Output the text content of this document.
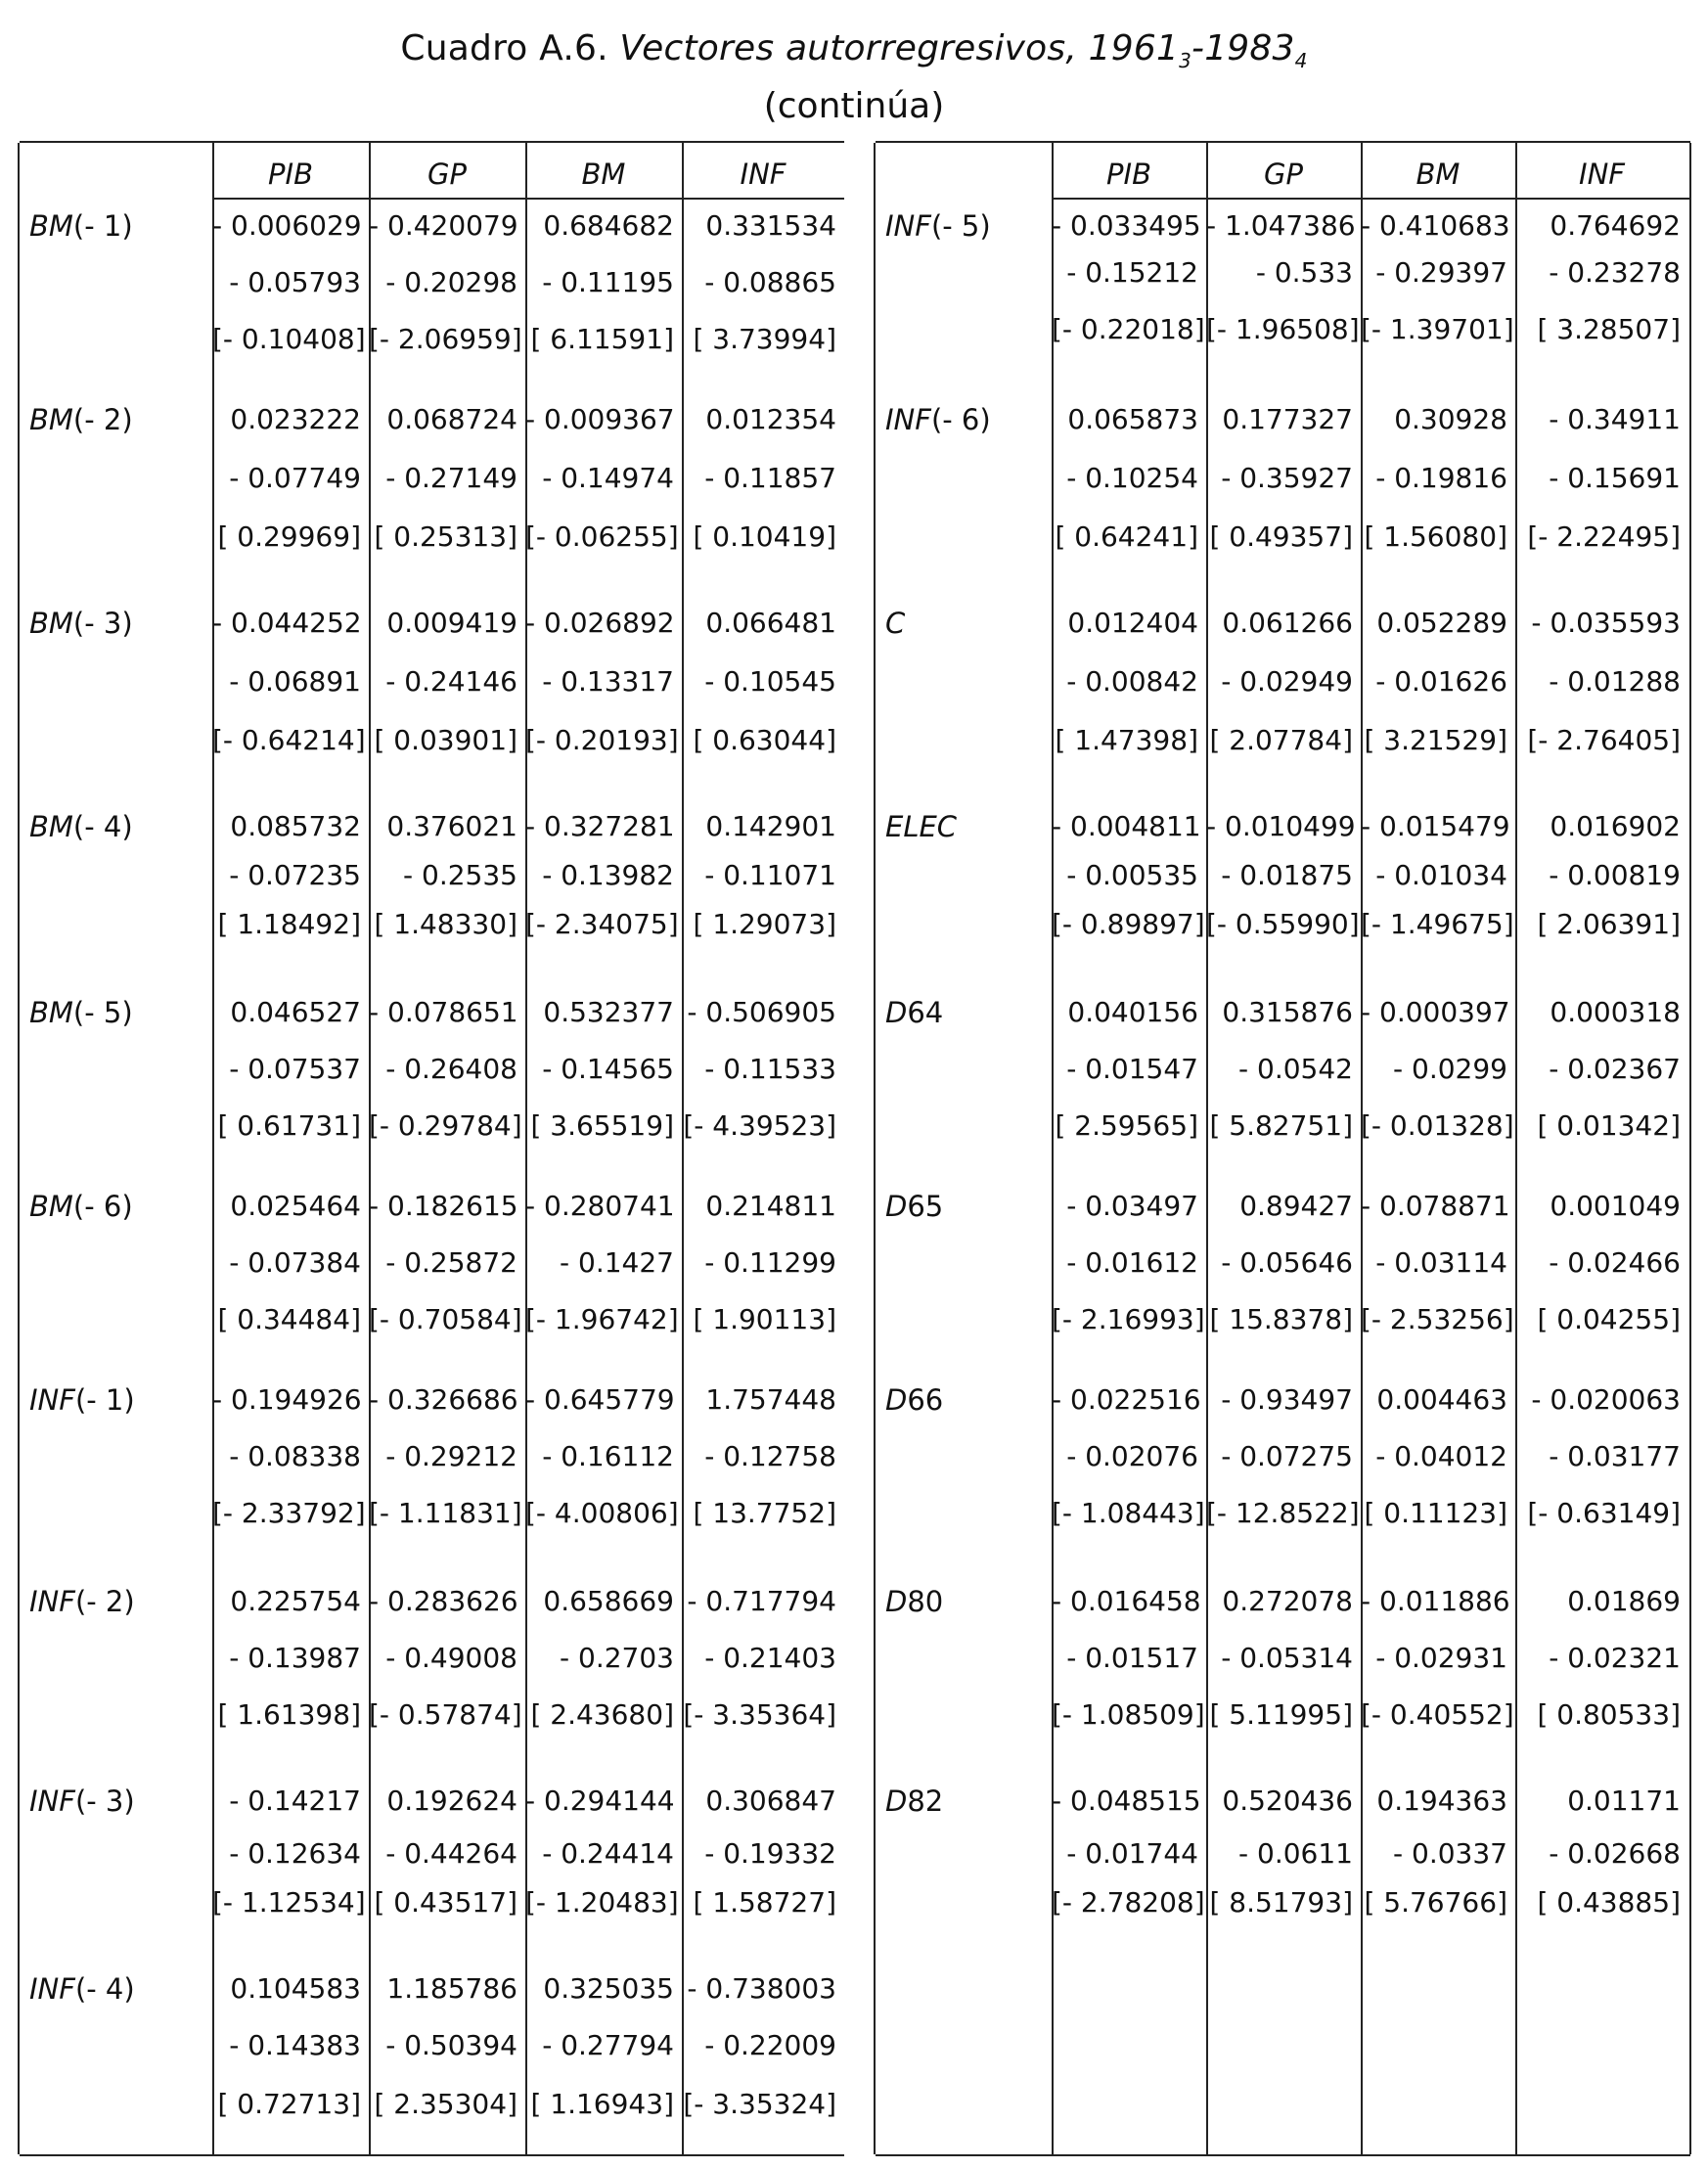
Cuadro A.6. Vectores autorregresivos, $1961_3-1983_4$
(continúa)
PIB	GP	BM	INF
BM(- 1)	- 0.006029 - 0.420079 0.684682	0.331534
- 0.05793 - 0.20298 - 0.11195	- 0.08865
[- 0.10408] [- 2.06959] [ 6.11591] [ 3.73994]
BM(- 2)	0.023222 0.068724 - 0.009367	0.012354
- 0.07749 - 0.27149 - 0.14974	- 0.11857
[ 0.29969] [ 0.25313] [- 0.06255] [ 0.10419]
BM(- 3)	- 0.044252 0.009419 - 0.026892	0.066481
- 0.06891 - 0.24146 - 0.13317	- 0.10545
[- 0.64214] [ 0.03901] [- 0.20193] [ 0.63044]
BM(- 4)	0.085732 0.376021 - 0.327281	0.142901
- 0.07235	- 0.2535 - 0.13982	- 0.11071
[ 1.18492] [ 1.48330] [- 2.34075] [ 1.29073]
BM(- 5)	0.046527 - 0.078651 0.532377 - 0.506905
- 0.07537 - 0.26408 - 0.14565	- 0.11533
[ 0.61731] [- 0.29784] [ 3.65519] [- 4.39523]
BM(- 6)	0.025464 - 0.182615 - 0.280741	0.214811
- 0.07384 - 0.25872	- 0.1427	- 0.11299
[ 0.34484] [- 0.70584] [- 1.96742] [ 1.90113]
INF(- 1)	- 0.194926 - 0.326686 - 0.645779	1.757448
- 0.08338 - 0.29212 - 0.16112	- 0.12758
[- 2.33792] [- 1.11831] [- 4.00806] [ 13.7752]
INF(- 2)	0.225754 - 0.283626 0.658669 - 0.717794
- 0.13987 - 0.49008	- 0.2703	- 0.21403
[ 1.61398] [- 0.57874] [ 2.43680] [- 3.35364]
INF(- 3)	- 0.14217 0.192624 - 0.294144	0.306847
- 0.12634 - 0.44264 - 0.24414	- 0.19332
[- 1.12534] [ 0.43517] [- 1.20483] [ 1.58727]
INF(- 4)	0.104583 1.185786 0.325035 - 0.738003
- 0.14383 - 0.50394 - 0.27794	- 0.22009
[ 0.72713] [ 2.35304] [ 1.16943] [- 3.35324]
PIB	GP	BM	INF
INF(- 5) - 0.033495 - 1.047386 - 0.410683	0.764692
- 0.15212	- 0.533 - 0.29397	- 0.23278
[- 0.22018] [- 1.96508] [- 1.39701] [ 3.28507]
INF(- 6)	0.065873 0.177327	0.30928	- 0.34911
- 0.10254 - 0.35927 - 0.19816	- 0.15691
[ 0.64241] [ 0.49357] [ 1.56080] [- 2.22495]
C	0.012404 0.061266 0.052289 - 0.035593
- 0.00842 - 0.02949 - 0.01626	- 0.01288
[ 1.47398] [ 2.07784] [ 3.21529] [- 2.76405]
ELEC	- 0.004811 - 0.010499 - 0.015479	0.016902
- 0.00535 - 0.01875 - 0.01034	- 0.00819
[- 0.89897] [- 0.55990] [- 1.49675] [ 2.06391]
D64	0.040156 0.315876 - 0.000397	0.000318
- 0.01547	- 0.0542	- 0.0299	- 0.02367
[ 2.59565] [ 5.82751] [- 0.01328] [ 0.01342]
D65	- 0.03497	0.89427 - 0.078871	0.001049
- 0.01612 - 0.05646 - 0.03114	- 0.02466
[- 2.16993] [ 15.8378] [- 2.53256] [ 0.04255]
D66	- 0.022516 - 0.93497 0.004463 - 0.020063
- 0.02076 - 0.07275 - 0.04012	- 0.03177
[- 1.08443] [- 12.8522] [ 0.11123] [- 0.63149]
D80	- 0.016458 0.272078 - 0.011886	0.01869
- 0.01517 - 0.05314 - 0.02931	- 0.02321
[- 1.08509] [ 5.11995] [- 0.40552] [ 0.80533]
D82	- 0.048515 0.520436 0.194363	0.01171
- 0.01744	- 0.0611	- 0.0337	- 0.02668
[- 2.78208] [ 8.51793] [ 5.76766]	[ 0.43885]
